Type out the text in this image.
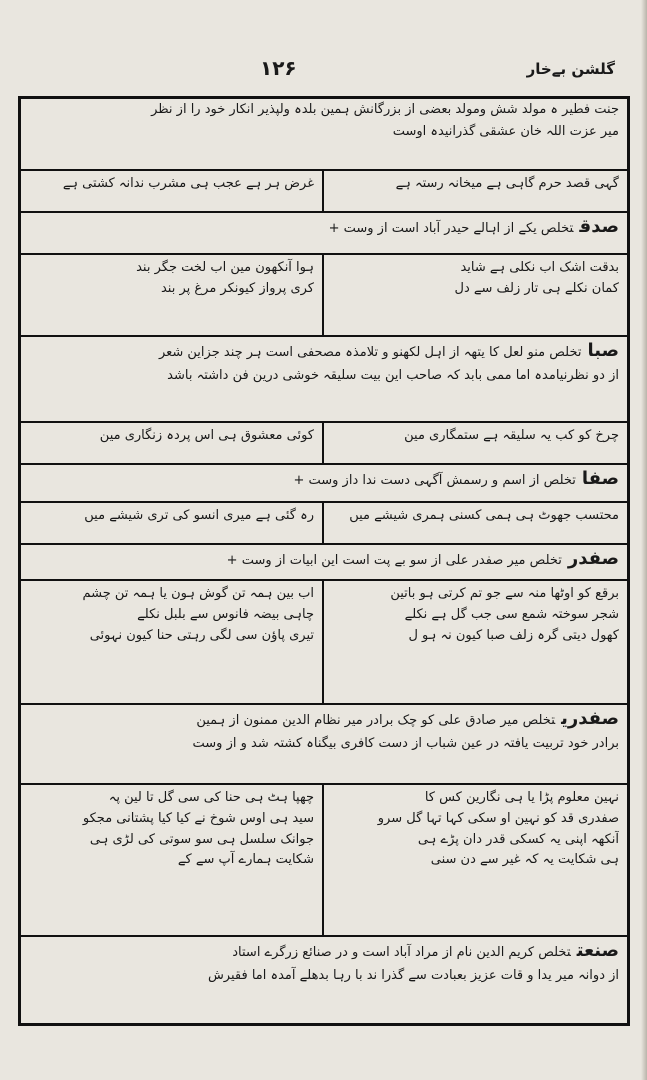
۱۲۶	گلشن بےخار
جنت فطیر ہ مولد شش ومولد بعضی از بزرگانش ہمین بلدہ ولپذیر انکار خود را از نظر
میر عزت اللہ خان عشقی گذرانیدہ اوست
گہی قصد حرم گاہی ہے میخانہ رستہ ہے
غرض ہر ہے عجب ہی مشرب ندانہ کشتی ہے
صدقتخلص یکے از اہالے حیدر آباد است از وست +
بدقت اشک اب نکلی ہے شاید
کمان نکلے ہی تار زلف سے دل
ہوا آنکھون مین اب لخت جگر بند
کری پرواز کیونکر مرغ پر بند
صباتخلص منو لعل کا یتھہ از اہل لکھنو و تلامذہ مصحفی است ہر چند جزاین شعر
از دو نظرنیامدہ اما ممی بابد کہ صاحب این بیت سلیقہ خوشی درین فن داشتہ باشد
چرخ کو کب یہ سلیقہ ہے ستمگاری مین
کوئی معشوق ہی اس پردہ زنگاری مین
صفاتخلص از اسم و رسمش آگہی دست ندا داز وست +
محتسب جھوٹ ہی ہمی کسنی ہمری شیشے میں
رہ گئی ہے میری انسو کی تری شیشے میں
صفدرتخلص میر صفدر علی از سو بے پت است این ابیات از وست +
برقع کو اوٹھا منہ سے جو تم کرتی ہو باتین
شجر سوختہ شمع سی جب گل ہے نکلے
کھول دیتی گرہ زلف صبا کیون نہ ہو ل
اب بین ہمہ تن گوش ہون یا ہمہ تن چشم
چاہی بیضہ فانوس سے بلبل نکلے
تیری پاؤن سی لگی رہتی حنا کیون نہوئی
صفدریتخلص میر صادق علی کو چک برادر میر نظام الدین ممنون از ہمین
برادر خود تربیت یافتہ در عین شباب از دست کافری بیگناہ کشتہ شد و از وست
نہین معلوم پڑا یا ہی نگارین کس کا
صفدری قد کو نہین او سکی کہا تہا گل سرو
آنکھہ اپنی یہ کسکی قدر دان پڑے ہی
ہی شکایت یہ کہ غیر سے دن سنی
چھپا ہٹ ہی حنا کی سی گل تا لین پہ
سید ہی اوس شوخ نے کیا کیا پشتانی مجکو
جوانک سلسل ہی سو سوتی کی لڑی ہی
شکایت ہمارے آپ سے کے
صنعتتخلص کریم الدین نام از مراد آباد است و در صنائع زرگرے استاد
از دوانہ میر یدا و قات عزیز بعبادت سے گذرا ند با رہا بدھلے آمدہ اما فقیرش
